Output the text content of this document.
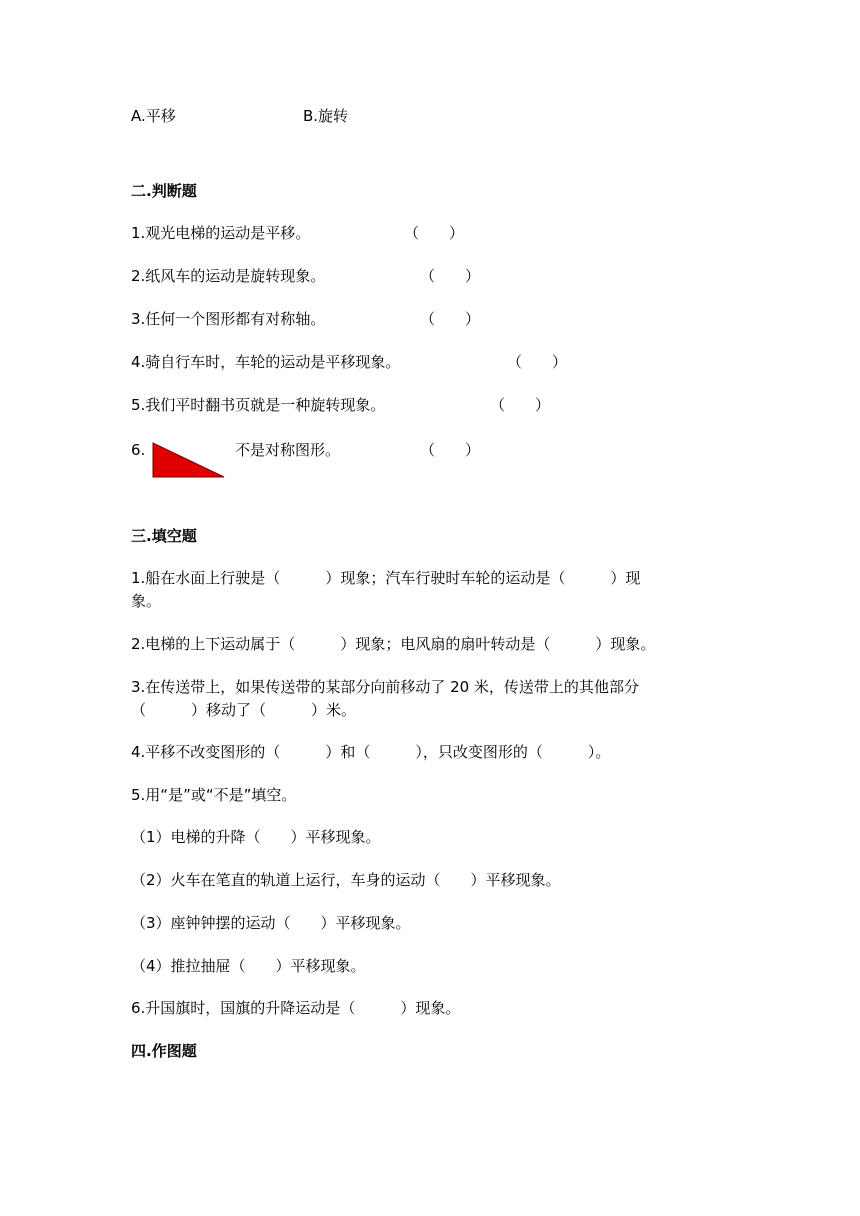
A.平移	B.旋转
二.判断题
1.观光电梯的运动是平移。	（　　）
2.纸风车的运动是旋转现象。	（　　）
3.任何一个图形都有对称轴。	（　　）
4.骑自行车时，车轮的运动是平移现象。	（　　）
5.我们平时翻书页就是一种旋转现象。	（　　）
6.	不是对称图形。	（　　）
三.填空题
1.船在水面上行驶是（　　　）现象；汽车行驶时车轮的运动是（　　　）现
象。
2.电梯的上下运动属于（　　　）现象；电风扇的扇叶转动是（　　　）现象。
3.在传送带上，如果传送带的某部分向前移动了 20 米，传送带上的其他部分
（　　　）移动了（　　　）米。
4.平移不改变图形的（　　　）和（　　　），只改变图形的（　　　）。
5.用“是”或“不是”填空。
（1）电梯的升降（　　）平移现象。
（2）火车在笔直的轨道上运行，车身的运动（　　）平移现象。
（3）座钟钟摆的运动（　　）平移现象。
（4）推拉抽屉（　　）平移现象。
6.升国旗时，国旗的升降运动是（　　　）现象。
四.作图题
